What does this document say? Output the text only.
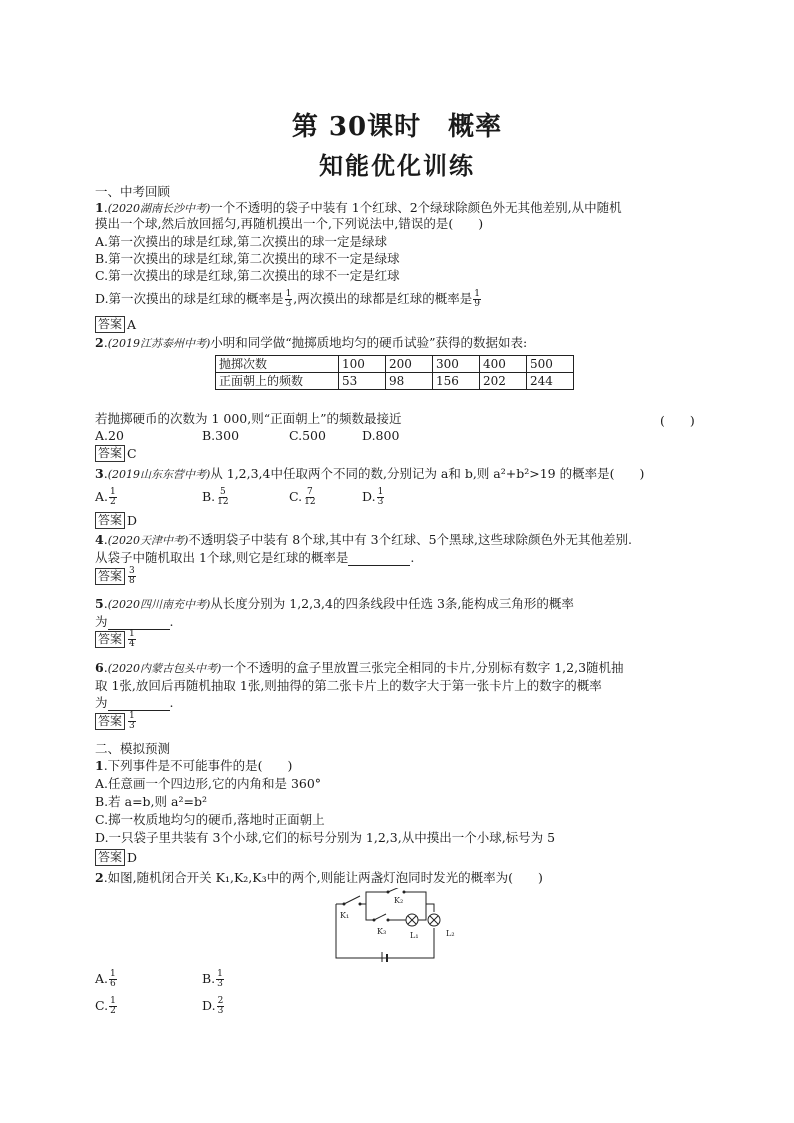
第 30课时　概率
知能优化训练
一、中考回顾
1.(2020湖南长沙中考)一个不透明的袋子中装有 1个红球、2个绿球除颜色外无其他差别,从中随机
摸出一个球,然后放回摇匀,再随机摸出一个,下列说法中,错误的是(　　)
A.第一次摸出的球是红球,第二次摸出的球一定是绿球
B.第一次摸出的球是红球,第二次摸出的球不一定是绿球
C.第一次摸出的球是红球,第二次摸出的球不一定是红球
D.第一次摸出的球是红球的概率是 $\frac{1}{3}$ ,两次摸出的球都是红球的概率是 $\frac{1}{9}$
答案 A
2.(2019江苏泰州中考)小明和同学做“抛掷质地均匀的硬币试验”获得的数据如表:
抛掷次数	100	200	300	400	500
正面朝上的频数	53	98	156	202	244
若抛掷硬币的次数为 1 000,则“正面朝上”的频数最接近	(　　)
A.20	B.300	C.500	D.800
答案 C
3.(2019山东东营中考)从 1,2,3,4中任取两个不同的数,分别记为 a和 b,则 a²+b²>19 的概率是(　　)
A. $\frac{1}{2}$	B. $\frac{5}{12}$	C. $\frac{7}{12}$	D. $\frac{1}{3}$
答案 D
4.(2020天津中考)不透明袋子中装有 8个球,其中有 3个红球、5个黑球,这些球除颜色外无其他差别.
从袋子中随机取出 1个球,则它是红球的概率是	.
答案 $\frac{3}{8}$
5.(2020四川南充中考)从长度分别为 1,2,3,4的四条线段中任选 3条,能构成三角形的概率
为	.
答案 $\frac{1}{4}$
6.(2020内蒙古包头中考)一个不透明的盒子里放置三张完全相同的卡片,分别标有数字 1,2,3随机抽
取 1张,放回后再随机抽取 1张,则抽得的第二张卡片上的数字大于第一张卡片上的数字的概率
为	.
答案 $\frac{1}{3}$
二、模拟预测
1.下列事件是不可能事件的是(　　)
A.任意画一个四边形,它的内角和是 360°
B.若 a=b,则 a²=b²
C.掷一枚质地均匀的硬币,落地时正面朝上
D.一只袋子里共装有 3个小球,它们的标号分别为 1,2,3,从中摸出一个小球,标号为 5
答案 D
2.如图,随机闭合开关 K₁,K₂,K₃中的两个,则能让两盏灯泡同时发光的概率为(　　)
K₁
K₂
K₃	L₁	L₂
A. $\frac{1}{6}$	B. $\frac{1}{3}$
C. $\frac{1}{2}$	D. $\frac{2}{3}$
